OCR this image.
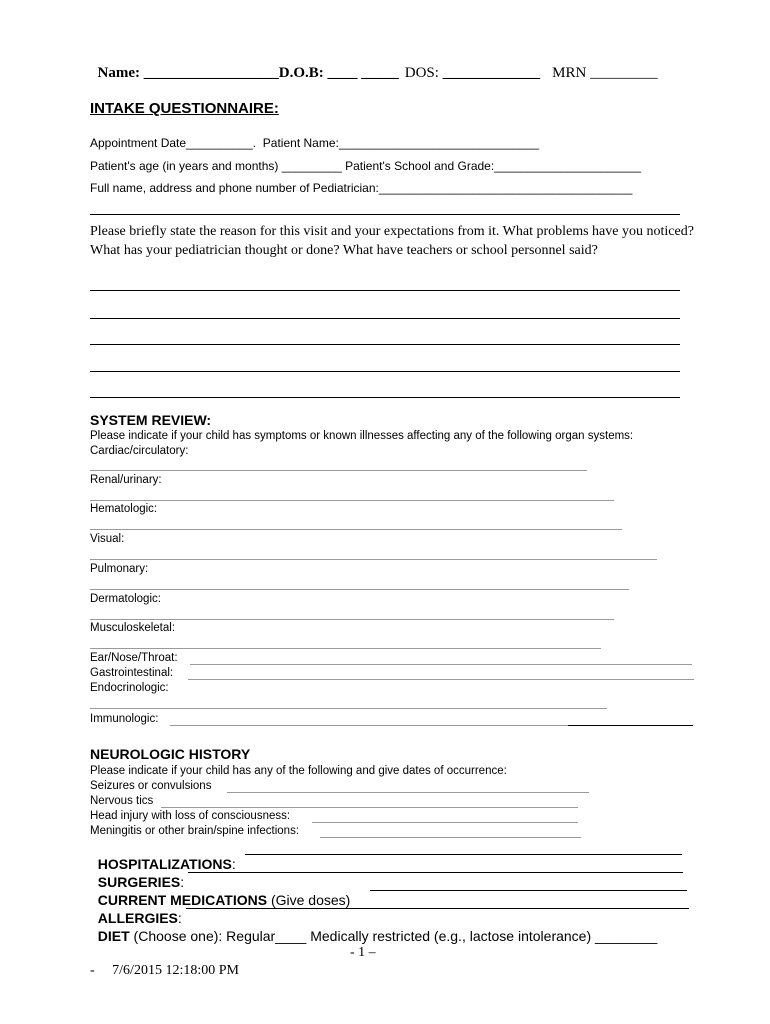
Name: __________________D.O.B: ____ _____ DOS: _____________ MRN _________

INTAKE QUESTIONNAIRE:
Appointment Date__________.  Patient Name:______________________________
Patient's age (in years and months) _________ Patient's School and Grade:______________________
Full name, address and phone number of Pediatrician:______________________________________
Please briefly state the reason for this visit and your expectations from it. What problems have you noticed? What has your pediatrician thought or done? What have teachers or school personnel said?
SYSTEM REVIEW:
Please indicate if your child has symptoms or known illnesses affecting any of the following organ systems:
Cardiac/circulatory:
Renal/urinary:
Hematologic:
Visual:
Pulmonary:
Dermatologic:
Musculoskeletal:
Ear/Nose/Throat:
Gastrointestinal:
Endocrinologic:
Immunologic:
NEUROLOGIC HISTORY
Please indicate if your child has any of the following and give dates of occurrence:
Seizures or convulsions
Nervous tics
Head injury with loss of consciousness:
Meningitis or other brain/spine infections:

HOSPITALIZATIONS:

SURGERIES:

CURRENT MEDICATIONS (Give doses)

ALLERGIES:

DIET (Choose one): Regular____ Medically restricted (e.g., lactose intolerance) ________

- 1 –
-     7/6/2015 12:18:00 PM
